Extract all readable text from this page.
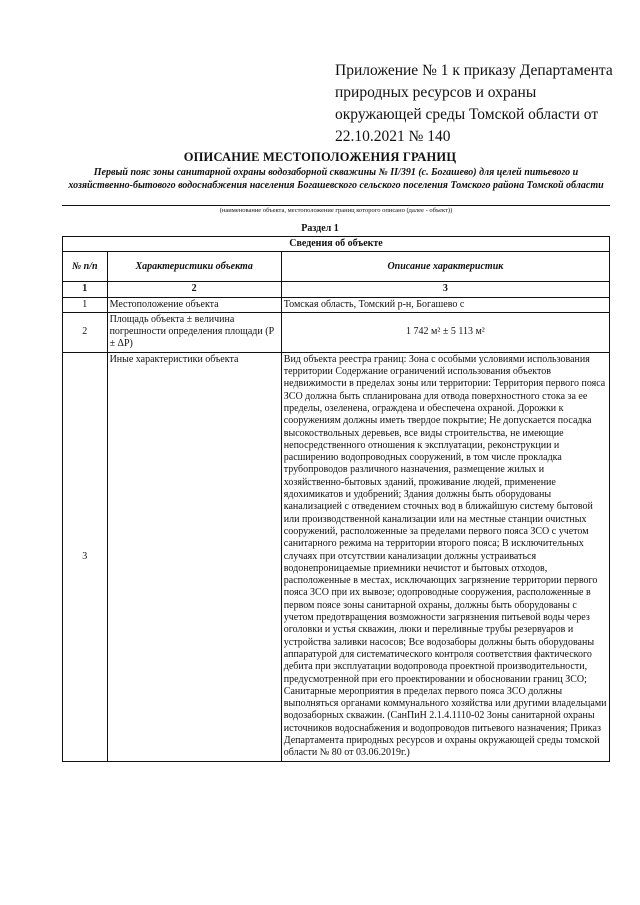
Приложение № 1 к приказу Департамента природных ресурсов и охраны окружающей среды Томской области от 22.10.2021 № 140
ОПИСАНИЕ МЕСТОПОЛОЖЕНИЯ ГРАНИЦ
Первый пояс зоны санитарной охраны водозаборной скважины № II/391 (с. Богашево) для целей питьевого и хозяйственно-бытового водоснабжения населения Богашевского сельского поселения Томского района Томской области
(наименование объекта, местоположение границ которого описано (далее - объект))
Раздел 1
Сведения об объекте		
№ п/п	Характеристики объекта	Описание характеристик
1	2	3
1	Местоположение объекта	Томская область, Томский р-н, Богашево с
2	Площадь объекта ± величина погрешности определения площади (P ± ΔP)	1 742 м² ± 5 113 м²
3	Иные характеристики объекта	Вид объекта реестра границ: Зона с особыми условиями использования территории Содержание ограничений использования объектов недвижимости в пределах зоны или территории: Территория первого пояса ЗСО должна быть спланирована для отвода поверхностного стока за ее пределы, озеленена, ограждена и обеспечена охраной. Дорожки к сооружениям должны иметь твердое покрытие; Не допускается посадка высокоствольных деревьев, все виды строительства, не имеющие непосредственного отношения к эксплуатации, реконструкции и расширению водопроводных сооружений, в том числе прокладка трубопроводов различного назначения, размещение жилых и хозяйственно-бытовых зданий, проживание людей, применение ядохимикатов и удобрений; Здания должны быть оборудованы канализацией с отведением сточных вод в ближайшую систему бытовой или производственной канализации или на местные станции очистных сооружений, расположенные за пределами первого пояса ЗСО с учетом санитарного режима на территории второго пояса; В исключительных случаях при отсутствии канализации должны устраиваться водонепроницаемые приемники нечистот и бытовых отходов, расположенные в местах, исключающих загрязнение территории первого пояса ЗСО при их вывозе; одопроводные сооружения, расположенные в первом поясе зоны санитарной охраны, должны быть оборудованы с учетом предотвращения возможности загрязнения питьевой воды через оголовки и устья скважин, люки и переливные трубы резервуаров и устройства заливки насосов; Все водозаборы должны быть оборудованы аппаратурой для систематического контроля соответствия фактического дебита при эксплуатации водопровода проектной производительности, предусмотренной при его проектировании и обосновании границ ЗСО; Санитарные мероприятия в пределах первого пояса ЗСО должны выполняться органами коммунального хозяйства или другими владельцами водозаборных скважин. (СанПиН 2.1.4.1110-02 Зоны санитарной охраны источников водоснабжения и водопроводов питьевого назначения; Приказ Департамента природных ресурсов и охраны окружающей среды томской области № 80 от 03.06.2019г.)
